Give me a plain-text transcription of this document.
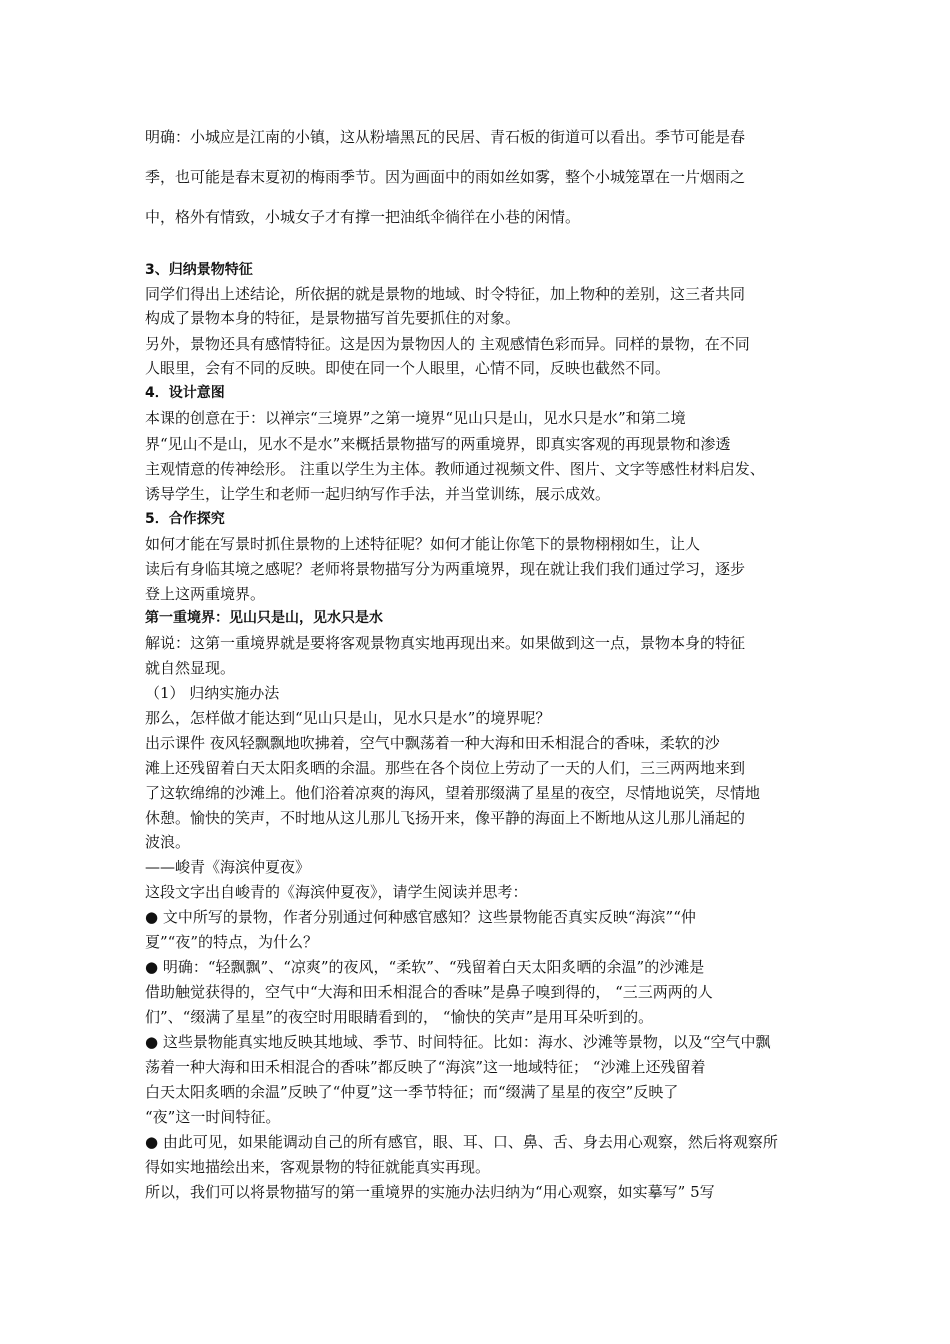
明确：小城应是江南的小镇，这从粉墙黑瓦的民居、青石板的街道可以看出。季节可能是春
季，也可能是春末夏初的梅雨季节。因为画面中的雨如丝如雾，整个小城笼罩在一片烟雨之
中，格外有情致，小城女子才有撑一把油纸伞徜徉在小巷的闲情。
3、归纳景物特征
同学们得出上述结论，所依据的就是景物的地域、时令特征，加上物种的差别，这三者共同
构成了景物本身的特征，是景物描写首先要抓住的对象。
另外，景物还具有感情特征。这是因为景物因人的 主观感情色彩而异。同样的景物，在不同
人眼里，会有不同的反映。即使在同一个人眼里，心情不同，反映也截然不同。
4．设计意图
本课的创意在于：以禅宗“三境界”之第一境界“见山只是山，见水只是水”和第二境
界“见山不是山，见水不是水”来概括景物描写的两重境界，即真实客观的再现景物和渗透
主观情意的传神绘形。 注重以学生为主体。教师通过视频文件、图片、文字等感性材料启发、
诱导学生，让学生和老师一起归纳写作手法，并当堂训练，展示成效。
5．合作探究
如何才能在写景时抓住景物的上述特征呢？如何才能让你笔下的景物栩栩如生，让人
读后有身临其境之感呢？老师将景物描写分为两重境界，现在就让我们我们通过学习，逐步
登上这两重境界。
第一重境界：见山只是山，见水只是水
解说：这第一重境界就是要将客观景物真实地再现出来。如果做到这一点，景物本身的特征
就自然显现。
（1） 归纳实施办法
那么，怎样做才能达到“见山只是山，见水只是水”的境界呢？
出示课件 夜风轻飘飘地吹拂着，空气中飘荡着一种大海和田禾相混合的香味，柔软的沙
滩上还残留着白天太阳炙晒的余温。那些在各个岗位上劳动了一天的人们，三三两两地来到
了这软绵绵的沙滩上。他们浴着凉爽的海风，望着那缀满了星星的夜空，尽情地说笑，尽情地
休憩。愉快的笑声，不时地从这儿那儿飞扬开来，像平静的海面上不断地从这儿那儿涌起的
波浪。
——峻青《海滨仲夏夜》
这段文字出自峻青的《海滨仲夏夜》，请学生阅读并思考：
● 文中所写的景物，作者分别通过何种感官感知？这些景物能否真实反映“海滨”“仲
夏”“夜”的特点，为什么？
● 明确：“轻飘飘”、“凉爽”的夜风，“柔软”、“残留着白天太阳炙晒的余温”的沙滩是
借助触觉获得的，空气中“大海和田禾相混合的香味”是鼻子嗅到得的， “三三两两的人
们”、“缀满了星星”的夜空时用眼睛看到的， “愉快的笑声”是用耳朵听到的。
● 这些景物能真实地反映其地域、季节、时间特征。比如：海水、沙滩等景物，以及“空气中飘
荡着一种大海和田禾相混合的香味”都反映了“海滨”这一地域特征； “沙滩上还残留着
白天太阳炙晒的余温”反映了“仲夏”这一季节特征；而“缀满了星星的夜空”反映了
“夜”这一时间特征。
● 由此可见，如果能调动自己的所有感官，眼、耳、口、鼻、舌、身去用心观察，然后将观察所
得如实地描绘出来，客观景物的特征就能真实再现。
所以，我们可以将景物描写的第一重境界的实施办法归纳为“用心观察，如实摹写” 5写
